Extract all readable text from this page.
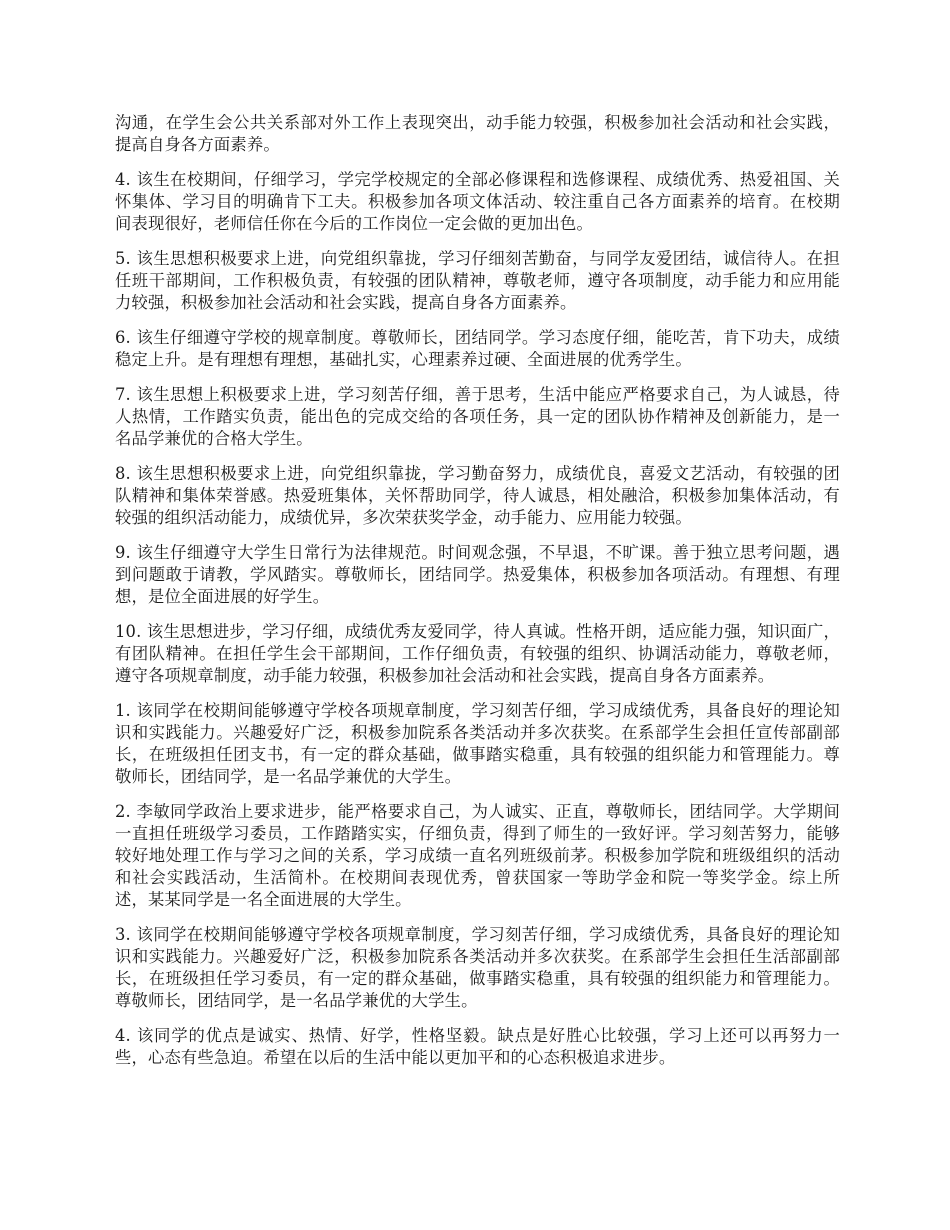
沟通，在学生会公共关系部对外工作上表现突出，动手能力较强，积极参加社会活动和社会实践，提高自身各方面素养。

4. 该生在校期间，仔细学习，学完学校规定的全部必修课程和选修课程、成绩优秀、热爱祖国、关怀集体、学习目的明确肯下工夫。积极参加各项文体活动、较注重自己各方面素养的培育。在校期间表现很好，老师信任你在今后的工作岗位一定会做的更加出色。

5. 该生思想积极要求上进，向党组织靠拢，学习仔细刻苦勤奋，与同学友爱团结，诚信待人。在担任班干部期间，工作积极负责，有较强的团队精神，尊敬老师，遵守各项制度，动手能力和应用能力较强，积极参加社会活动和社会实践，提高自身各方面素养。

6. 该生仔细遵守学校的规章制度。尊敬师长，团结同学。学习态度仔细，能吃苦，肯下功夫，成绩稳定上升。是有理想有理想，基础扎实，心理素养过硬、全面进展的优秀学生。

7. 该生思想上积极要求上进，学习刻苦仔细，善于思考，生活中能应严格要求自己，为人诚恳，待人热情，工作踏实负责，能出色的完成交给的各项任务，具一定的团队协作精神及创新能力，是一名品学兼优的合格大学生。

8. 该生思想积极要求上进，向党组织靠拢，学习勤奋努力，成绩优良，喜爱文艺活动，有较强的团队精神和集体荣誉感。热爱班集体，关怀帮助同学，待人诚恳，相处融洽，积极参加集体活动，有较强的组织活动能力，成绩优异，多次荣获奖学金，动手能力、应用能力较强。

9. 该生仔细遵守大学生日常行为法律规范。时间观念强，不早退，不旷课。善于独立思考问题，遇到问题敢于请教，学风踏实。尊敬师长，团结同学。热爱集体，积极参加各项活动。有理想、有理想，是位全面进展的好学生。

10. 该生思想进步，学习仔细，成绩优秀友爱同学，待人真诚。性格开朗，适应能力强，知识面广，有团队精神。在担任学生会干部期间，工作仔细负责，有较强的组织、协调活动能力，尊敬老师，遵守各项规章制度，动手能力较强，积极参加社会活动和社会实践，提高自身各方面素养。

1. 该同学在校期间能够遵守学校各项规章制度，学习刻苦仔细，学习成绩优秀，具备良好的理论知识和实践能力。兴趣爱好广泛，积极参加院系各类活动并多次获奖。在系部学生会担任宣传部副部长，在班级担任团支书，有一定的群众基础，做事踏实稳重，具有较强的组织能力和管理能力。尊敬师长，团结同学，是一名品学兼优的大学生。

2. 李敏同学政治上要求进步，能严格要求自己，为人诚实、正直，尊敬师长，团结同学。大学期间一直担任班级学习委员，工作踏踏实实，仔细负责，得到了师生的一致好评。学习刻苦努力，能够较好地处理工作与学习之间的关系，学习成绩一直名列班级前茅。积极参加学院和班级组织的活动和社会实践活动，生活简朴。在校期间表现优秀，曾获国家一等助学金和院一等奖学金。综上所述，某某同学是一名全面进展的大学生。

3. 该同学在校期间能够遵守学校各项规章制度，学习刻苦仔细，学习成绩优秀，具备良好的理论知识和实践能力。兴趣爱好广泛，积极参加院系各类活动并多次获奖。在系部学生会担任生活部副部长，在班级担任学习委员，有一定的群众基础，做事踏实稳重，具有较强的组织能力和管理能力。尊敬师长，团结同学，是一名品学兼优的大学生。

4. 该同学的优点是诚实、热情、好学，性格坚毅。缺点是好胜心比较强，学习上还可以再努力一些，心态有些急迫。希望在以后的生活中能以更加平和的心态积极追求进步。
